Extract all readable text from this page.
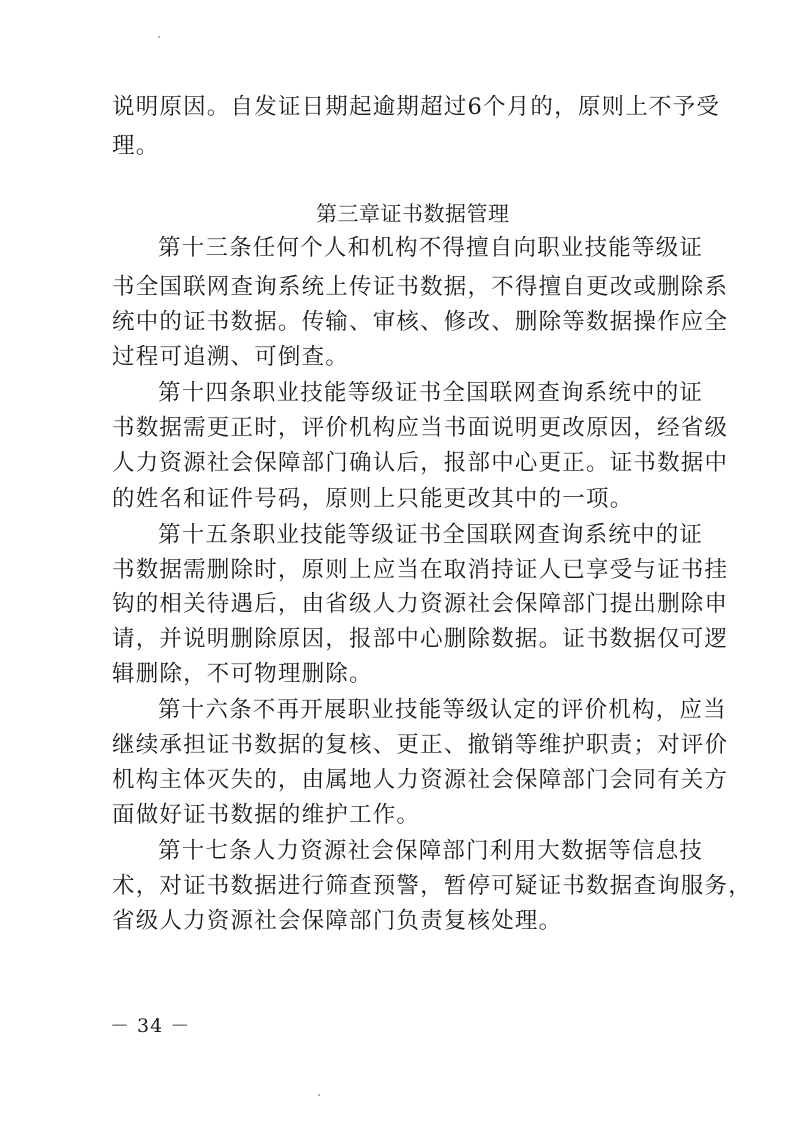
说明原因。自发证日期起逾期超过6个月的，原则上不予受
理。
第三章证书数据管理
第十三条任何个人和机构不得擅自向职业技能等级证
书全国联网查询系统上传证书数据，不得擅自更改或删除系
统中的证书数据。传输、审核、修改、删除等数据操作应全
过程可追溯、可倒查。
第十四条职业技能等级证书全国联网查询系统中的证
书数据需更正时，评价机构应当书面说明更改原因，经省级
人力资源社会保障部门确认后，报部中心更正。证书数据中
的姓名和证件号码，原则上只能更改其中的一项。
第十五条职业技能等级证书全国联网查询系统中的证
书数据需删除时，原则上应当在取消持证人已享受与证书挂
钩的相关待遇后，由省级人力资源社会保障部门提出删除申
请，并说明删除原因，报部中心删除数据。证书数据仅可逻
辑删除，不可物理删除。
第十六条不再开展职业技能等级认定的评价机构，应当
继续承担证书数据的复核、更正、撤销等维护职责；对评价
机构主体灭失的，由属地人力资源社会保障部门会同有关方
面做好证书数据的维护工作。
第十七条人力资源社会保障部门利用大数据等信息技
术，对证书数据进行筛查预警，暂停可疑证书数据查询服务，
省级人力资源社会保障部门负责复核处理。
－ 34 －
